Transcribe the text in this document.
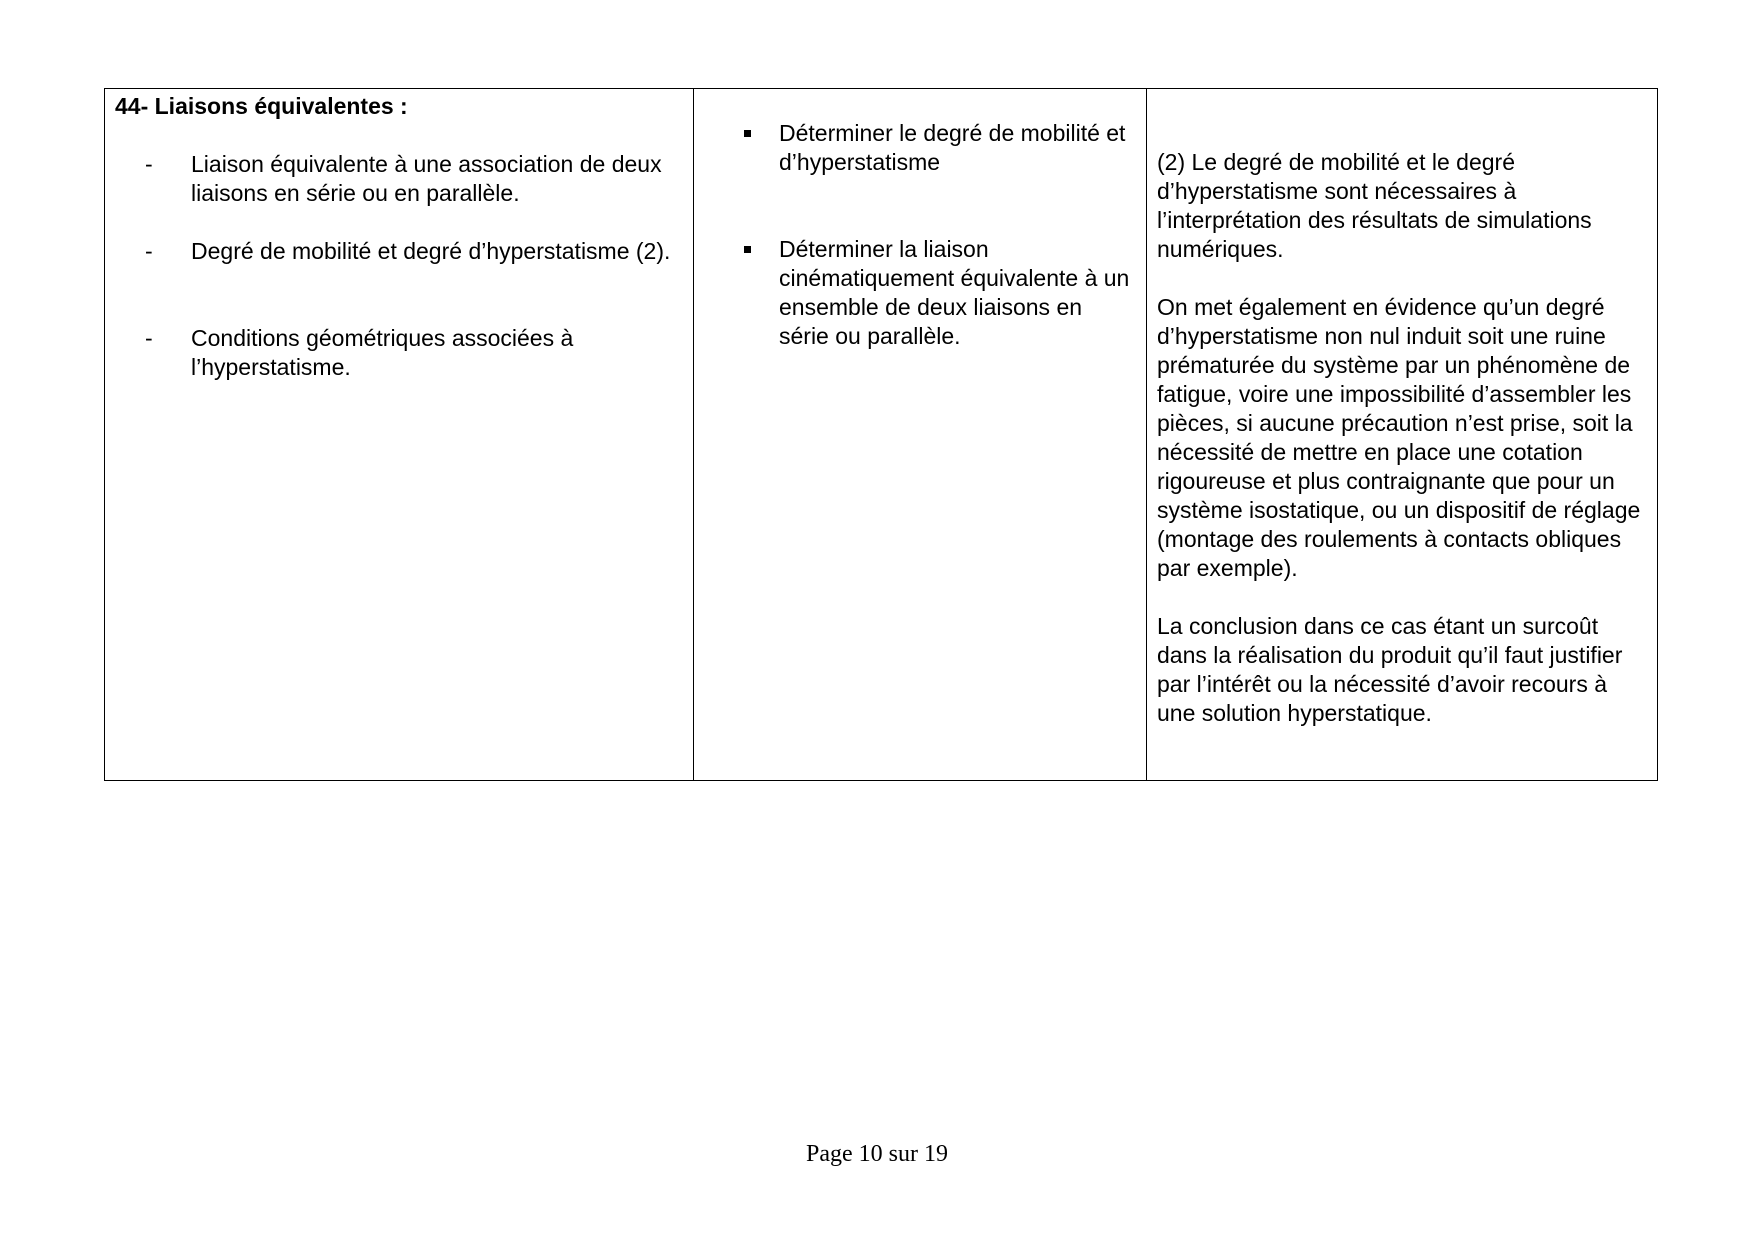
44- Liaisons équivalentes :
- Liaison équivalente à une association de deux liaisons en série ou en parallèle.
- Degré de mobilité et degré d’hyperstatisme (2).
- Conditions géométriques associées à l’hyperstatisme.

Déterminer le degré de mobilité et d’hyperstatisme
Déterminer la liaison cinématiquement équivalente à un ensemble de deux liaisons en série ou parallèle.

(2) Le degré de mobilité et le degré d’hyperstatisme sont nécessaires à l’interprétation des résultats de simulations numériques.

On met également en évidence qu’un degré d’hyperstatisme non nul induit soit une ruine prématurée du système par un phénomène de fatigue, voire une impossibilité d’assembler les pièces, si aucune précaution n’est prise, soit la nécessité de mettre en place une cotation rigoureuse et plus contraignante que pour un système isostatique, ou un dispositif de réglage (montage des roulements à contacts obliques par exemple).

La conclusion dans ce cas étant un surcoût dans la réalisation du produit qu’il faut justifier par l’intérêt ou la nécessité d’avoir recours à une solution hyperstatique.

Page 10 sur 19
